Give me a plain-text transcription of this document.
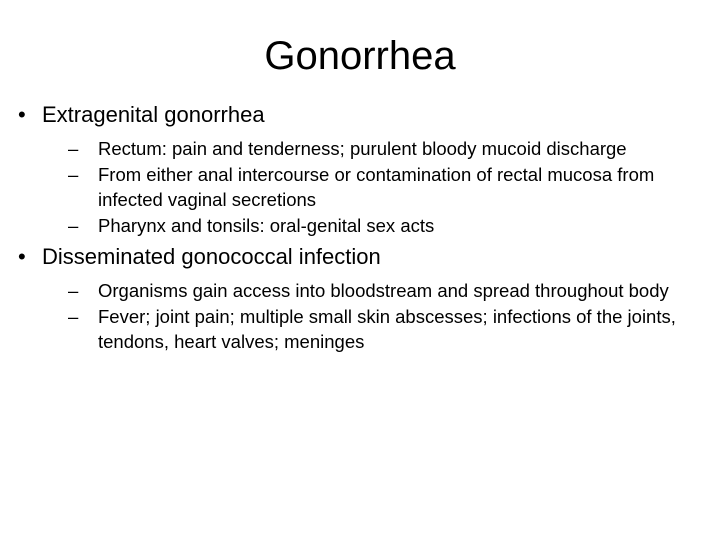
Gonorrhea
• Extragenital gonorrhea
– Rectum: pain and tenderness; purulent bloody mucoid discharge
– From either anal intercourse or contamination of rectal mucosa from infected vaginal secretions
– Pharynx and tonsils: oral-genital sex acts
• Disseminated gonococcal infection
– Organisms gain access into bloodstream and spread throughout body
– Fever; joint pain; multiple small skin abscesses; infections of the joints, tendons, heart valves; meninges
